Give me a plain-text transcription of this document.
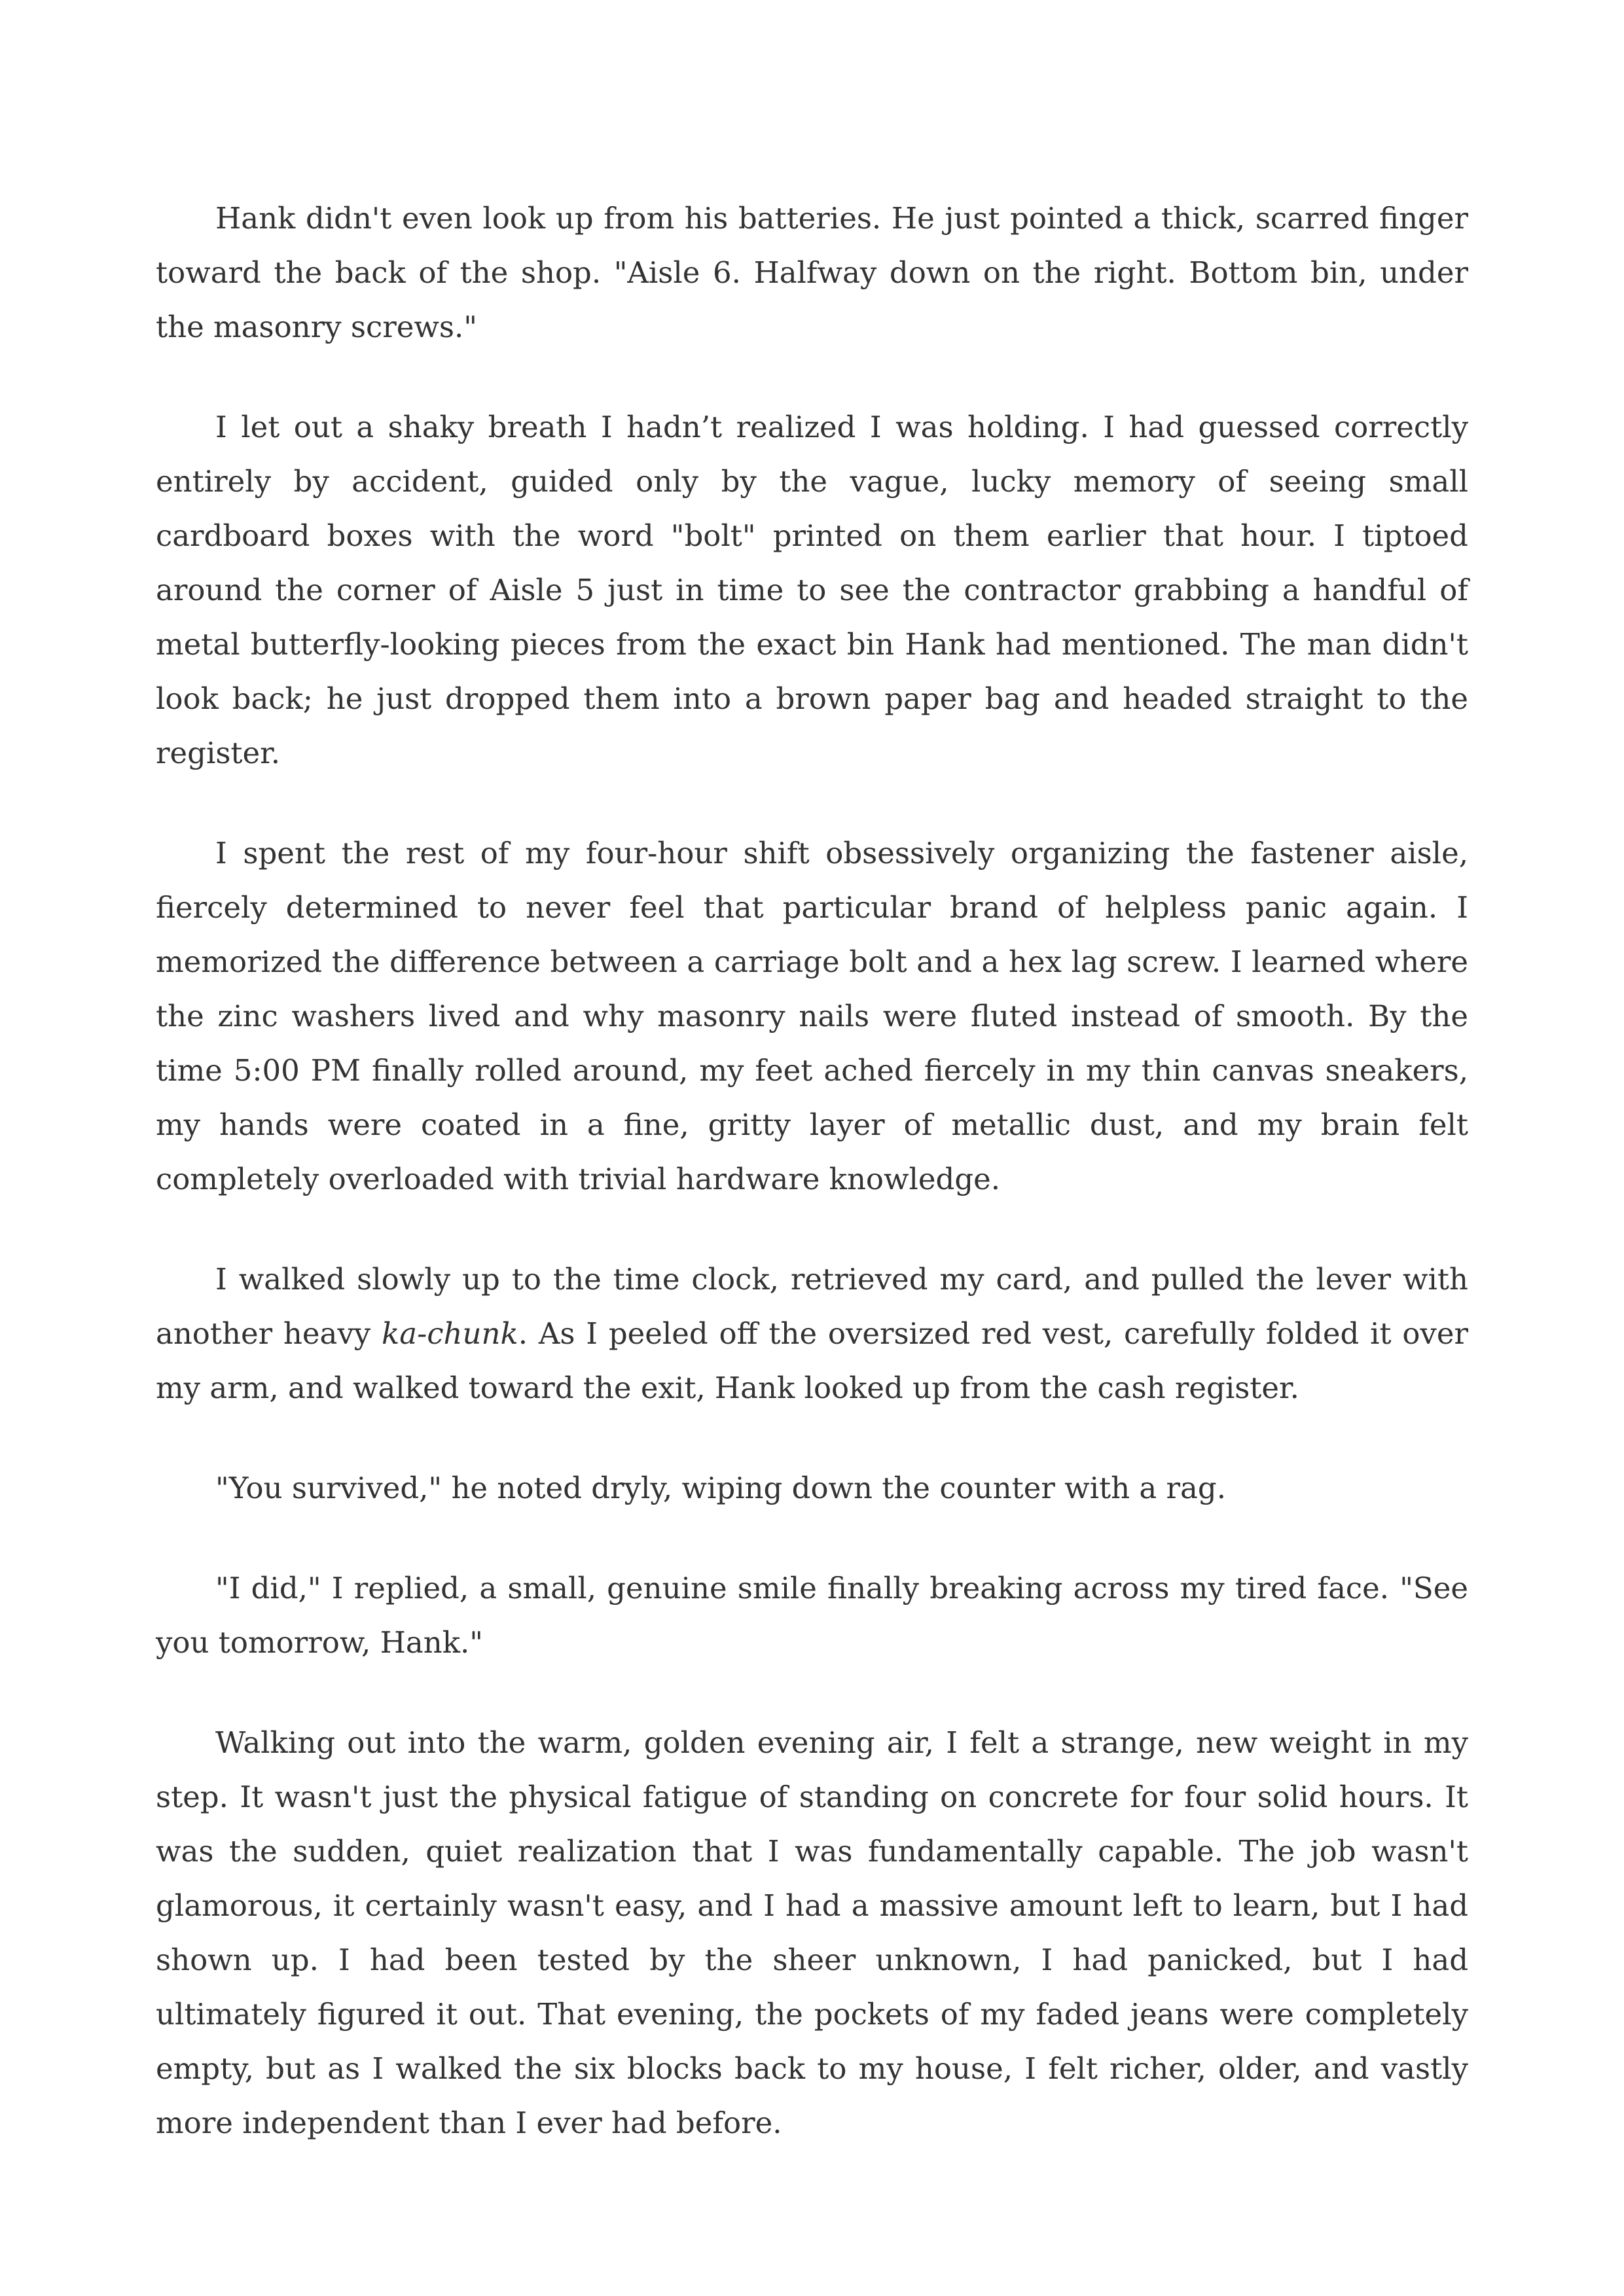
Hank didn't even look up from his batteries. He just pointed a thick, scarred finger toward the back of the shop. "Aisle 6. Halfway down on the right. Bottom bin, under the masonry screws."

I let out a shaky breath I hadn’t realized I was holding. I had guessed correctly entirely by accident, guided only by the vague, lucky memory of seeing small cardboard boxes with the word "bolt" printed on them earlier that hour. I tiptoed around the corner of Aisle 5 just in time to see the contractor grabbing a handful of metal butterfly-looking pieces from the exact bin Hank had mentioned. The man didn't look back; he just dropped them into a brown paper bag and headed straight to the register.

I spent the rest of my four-hour shift obsessively organizing the fastener aisle, fiercely determined to never feel that particular brand of helpless panic again. I memorized the difference between a carriage bolt and a hex lag screw. I learned where the zinc washers lived and why masonry nails were fluted instead of smooth. By the time 5:00 PM finally rolled around, my feet ached fiercely in my thin canvas sneakers, my hands were coated in a fine, gritty layer of metallic dust, and my brain felt completely overloaded with trivial hardware knowledge.

I walked slowly up to the time clock, retrieved my card, and pulled the lever with another heavy ka-chunk. As I peeled off the oversized red vest, carefully folded it over my arm, and walked toward the exit, Hank looked up from the cash register.

"You survived," he noted dryly, wiping down the counter with a rag.

"I did," I replied, a small, genuine smile finally breaking across my tired face. "See you tomorrow, Hank."

Walking out into the warm, golden evening air, I felt a strange, new weight in my step. It wasn't just the physical fatigue of standing on concrete for four solid hours. It was the sudden, quiet realization that I was fundamentally capable. The job wasn't glamorous, it certainly wasn't easy, and I had a massive amount left to learn, but I had shown up. I had been tested by the sheer unknown, I had panicked, but I had ultimately figured it out. That evening, the pockets of my faded jeans were completely empty, but as I walked the six blocks back to my house, I felt richer, older, and vastly more independent than I ever had before.
